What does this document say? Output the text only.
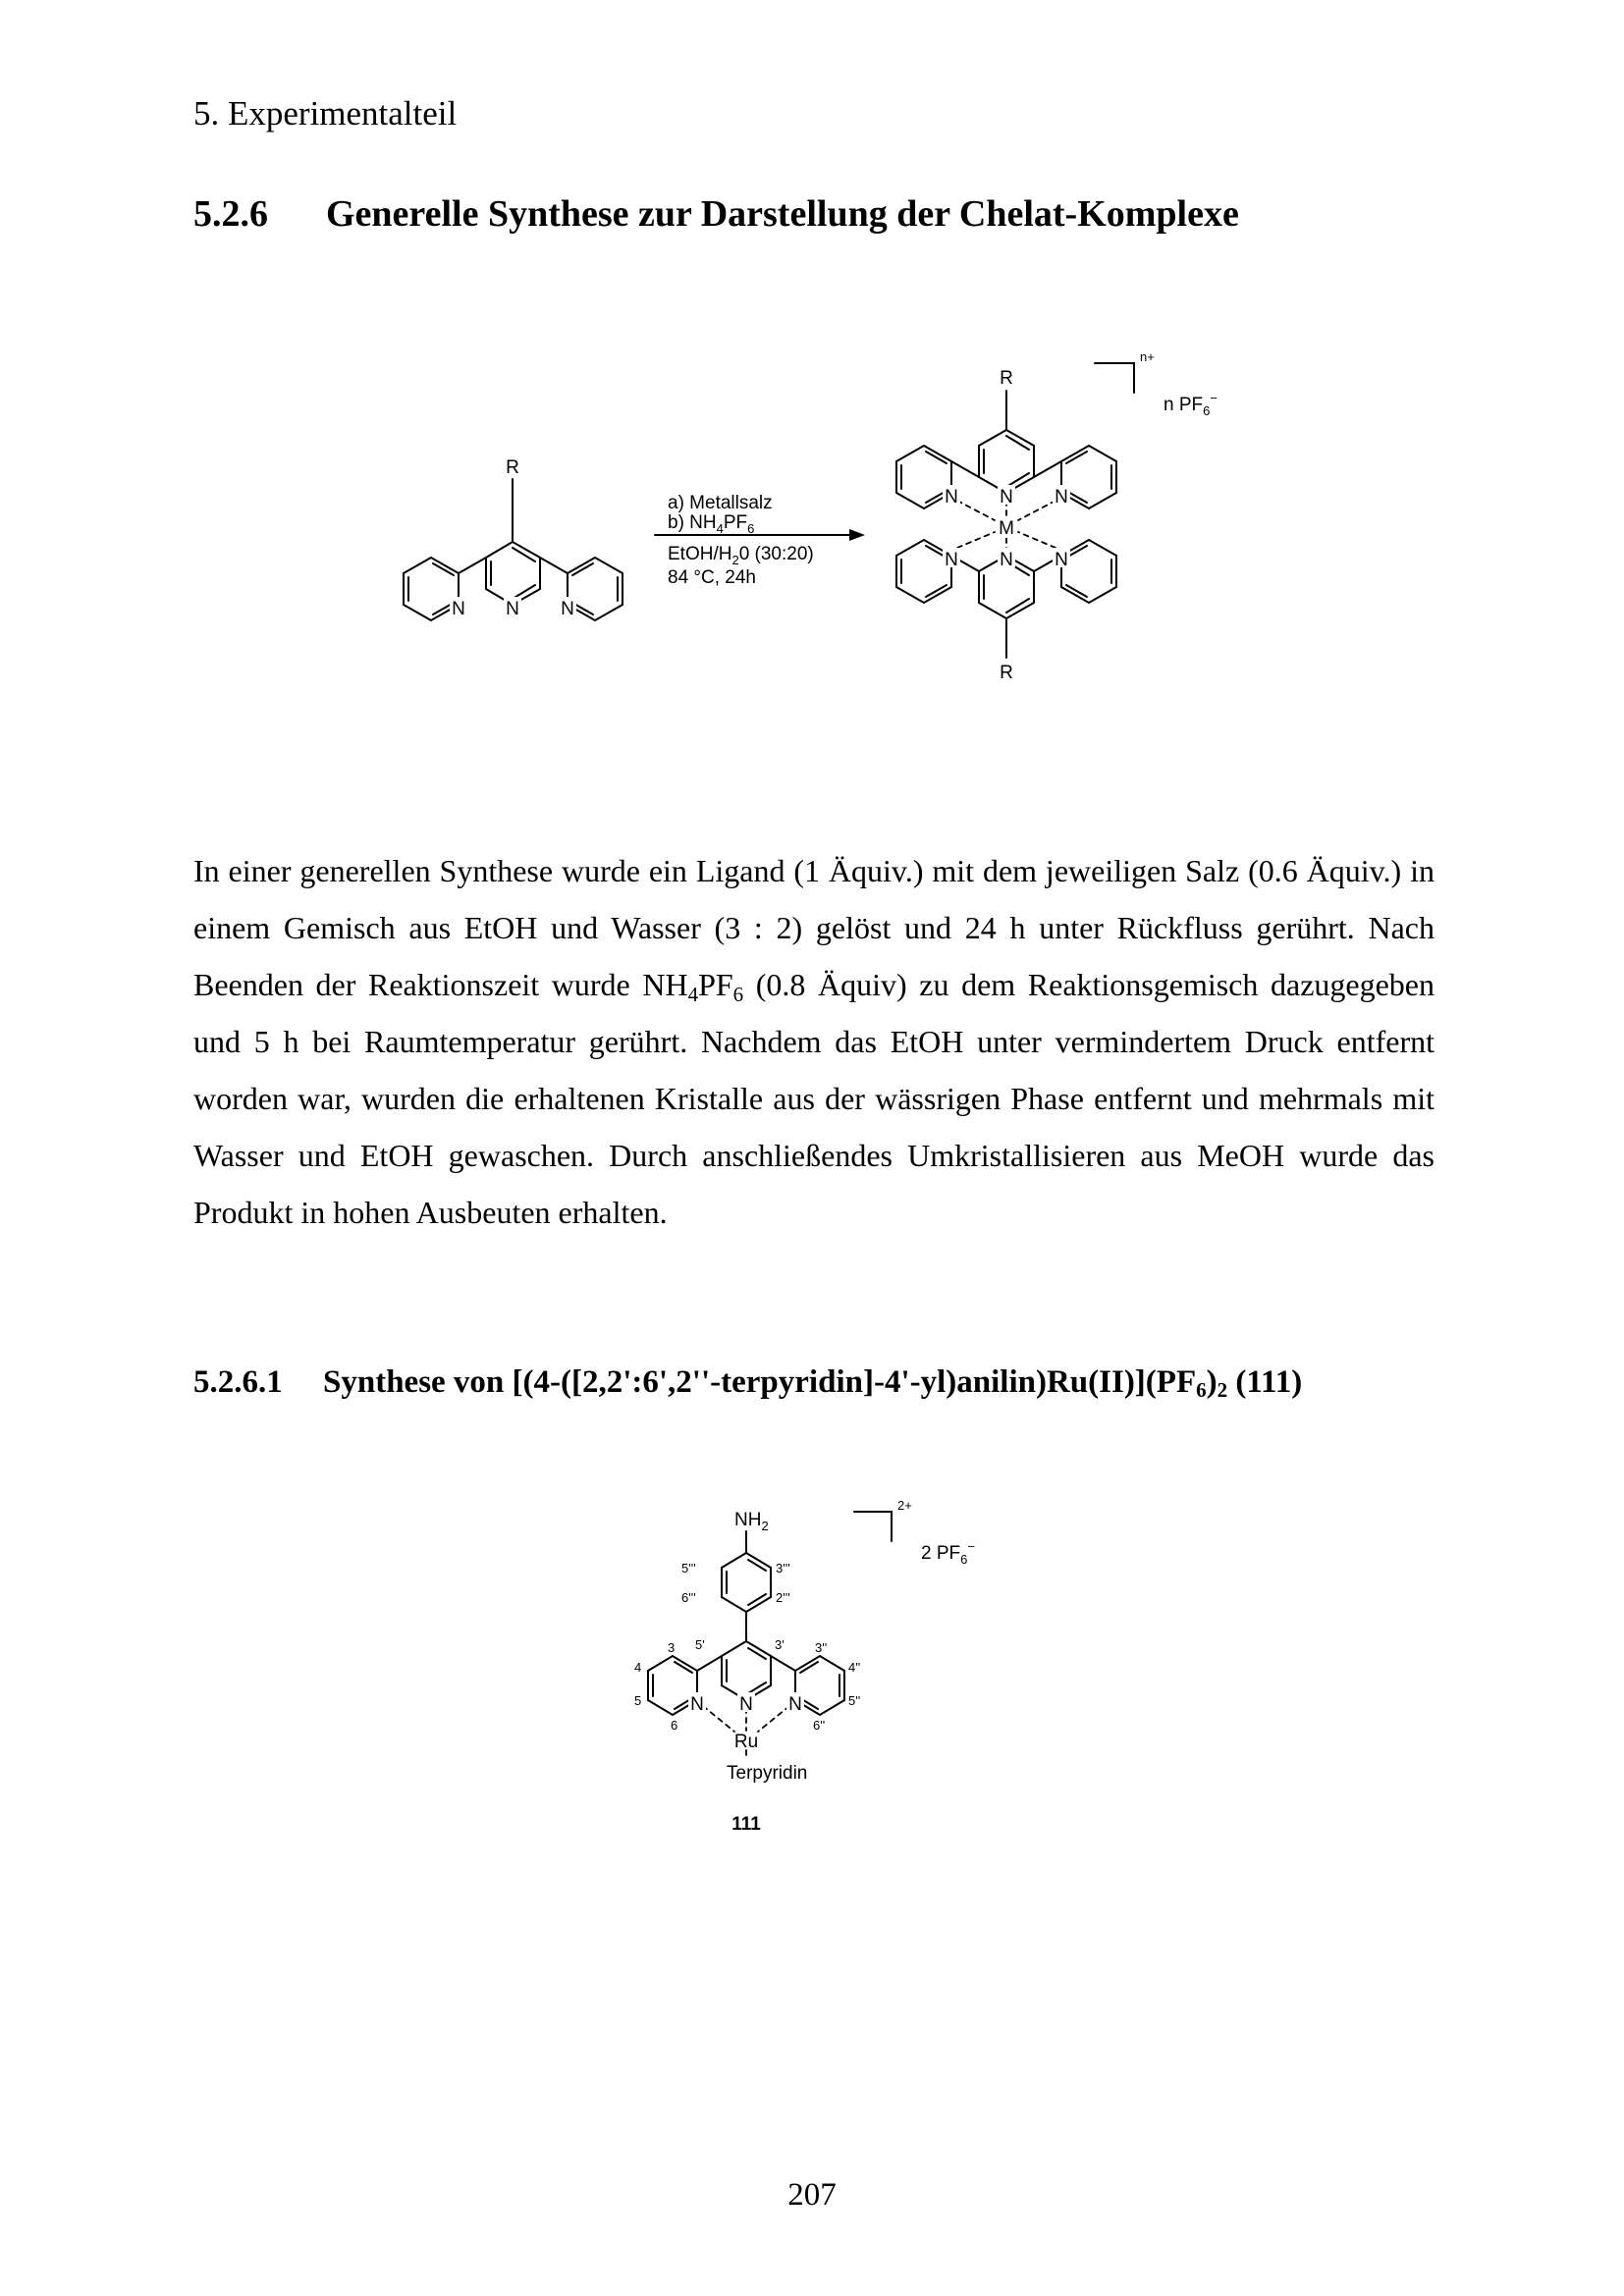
5. Experimentalteil
5.2.6 Generelle Synthese zur Darstellung der Chelat-Komplexe
R
N
N	N
a) Metallsalz
b) $NH_4PF_6$
EtOH/$H_20$ (30:20)
84 °C, 24h
R
R
N
N	N
N
N	N
M
n+
n $PF_6^-$

In einer generellen Synthese wurde ein Ligand (1 Äquiv.) mit dem jeweiligen Salz (0.6 Äquiv.) in einem Gemisch aus EtOH und Wasser (3 : 2) gelöst und 24 h unter Rückfluss gerührt. Nach Beenden der Reaktionszeit wurde $NH_4PF_6$ (0.8 Äquiv) zu dem Reaktionsgemisch dazugegeben und 5 h bei Raumtemperatur gerührt. Nachdem das EtOH unter vermindertem Druck entfernt worden war, wurden die erhaltenen Kristalle aus der wässrigen Phase entfernt und mehrmals mit Wasser und EtOH gewaschen. Durch anschließendes Umkristallisieren aus MeOH wurde das Produkt in hohen Ausbeuten erhalten.

5.2.6.1 Synthese von $[(4-([2,2':6',2''-terpyridin]-4'-yl)anilin)Ru(II)](PF_6)_2$ (111)
$NH_2$
N
N	N
Ru
Terpyridin
111
2+
2 $PF_6^-$
5'''	3'''
6'''	2'''
5'	3'
3	3''
4	4''
5	5''
6	6''
207
